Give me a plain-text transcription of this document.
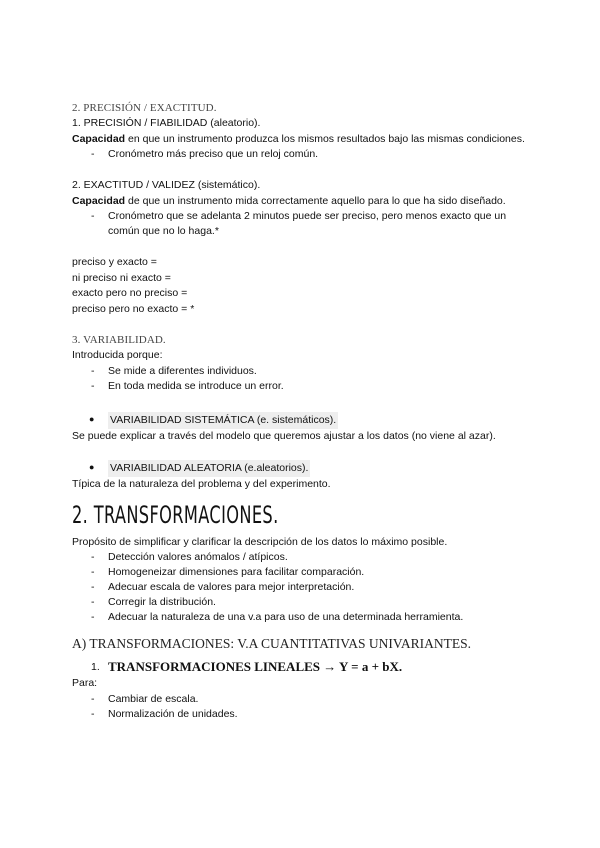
2. PRECISIÓN / EXACTITUD.
1. PRECISIÓN / FIABILIDAD (aleatorio).
Capacidad en que un instrumento produzca los mismos resultados bajo las mismas condiciones.
-	Cronómetro más preciso que un reloj común.
2. EXACTITUD / VALIDEZ (sistemático).
Capacidad de que un instrumento mida correctamente aquello para lo que ha sido diseñado.
-	Cronómetro que se adelanta 2 minutos puede ser preciso, pero menos exacto que un común que no lo haga.*
preciso y exacto =
ni preciso ni exacto =
exacto pero no preciso =
preciso pero no exacto = *
3. VARIABILIDAD.
Introducida porque:
-	Se mide a diferentes individuos.
-	En toda medida se introduce un error.
●	VARIABILIDAD SISTEMÁTICA (e. sistemáticos).
Se puede explicar a través del modelo que queremos ajustar a los datos (no viene al azar).
●	VARIABILIDAD ALEATORIA (e.aleatorios).
Típica de la naturaleza del problema y del experimento.
2. TRANSFORMACIONES.
Propósito de simplificar y clarificar la descripción de los datos lo máximo posible.
-	Detección valores anómalos / atípicos.
-	Homogeneizar dimensiones para facilitar comparación.
-	Adecuar escala de valores para mejor interpretación.
-	Corregir la distribución.
-	Adecuar la naturaleza de una v.a para uso de una determinada herramienta.
A) TRANSFORMACIONES: V.A CUANTITATIVAS UNIVARIANTES.
1. TRANSFORMACIONES LINEALES → Y = a + bX.
Para:
-	Cambiar de escala.
-	Normalización de unidades.
